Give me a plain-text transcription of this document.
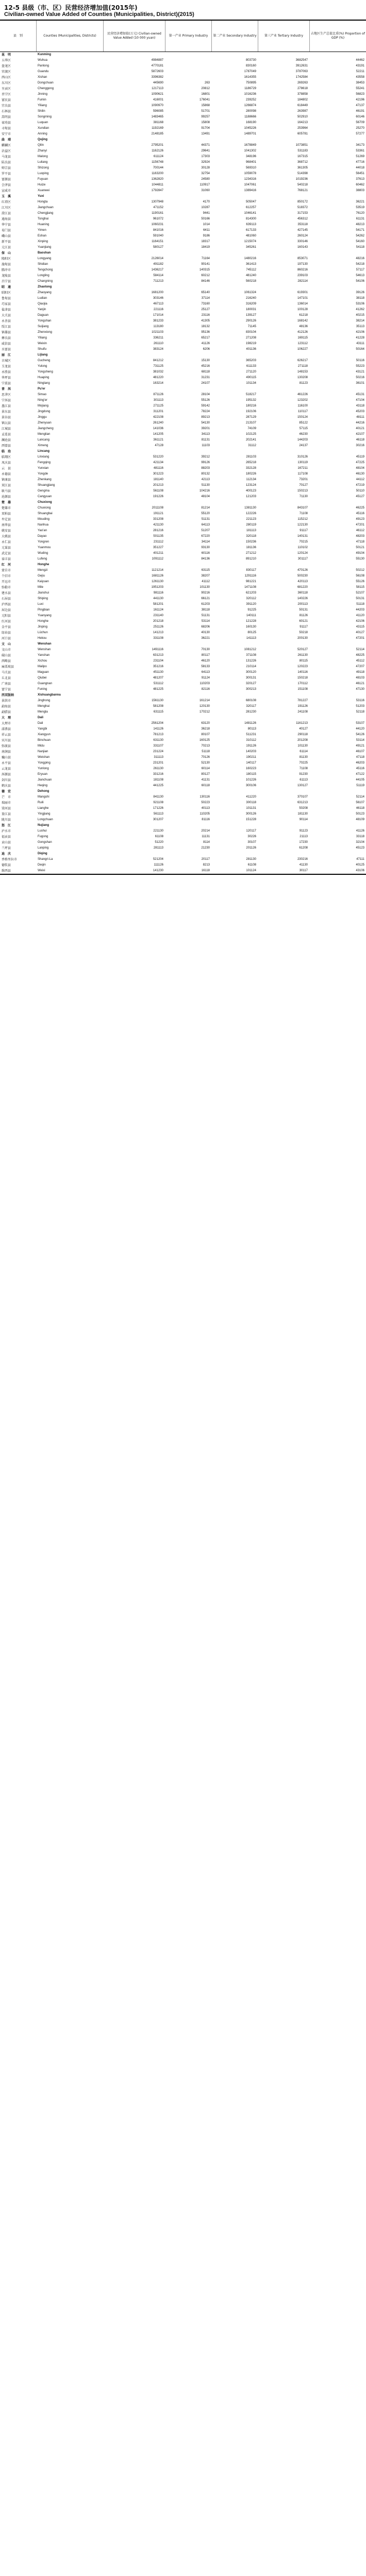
12-5 县级（市、区）民营经济增加值(2015年)
Civilian-owned Value Added of Counties (Municipalities, District)(2015)
县　别	Counties (Municipalities, Districts)
民营经济增加值(万元) Civilian-owned Value Added (10 000 yuan)
第一产业 Primary Industry	第二产业 Secondary Industry	第三产业 Tertiary Industry
占地区生产总值比重(%) Proportion of GDP (%)
昆　明	Kunming
五华区	Wuhua	4984887	803730	3682547	44462
盘龙区	Panlong	4770181	830160	3912631	43191
官渡区	Guandu	5872603	1787049	3787063	52211
西山区	Xishan	3396382	1614355	1742584	43558
东川区	Dongchuan	445690	263	750895	269263	38453
呈贡区	Chenggong	1217113	20812	1186729	278618	55241
晋宁区	Jinning	1090621	16801	1016236	378858	56823
富民县	Fumin	416001	176041	239252	184802	42196
宜良县	Yiliang	1090970	15868	1266874	618449	47137
石林县	Shilin	596085	51701	280098	263987	46191
嵩明县	Songming	1483465	99257	1188666	502910	60146
禄劝县	Luquan	381168	15808	168190	164213	56709
寻甸县	Xundian	1192169	91704	1045226	253964	25270
安宁市	Anning	2148185	13491	1489701	605781	57277
曲　靖	Qujing
麒麟区	Qilin	2795201	44371	1678849	1073851	34173
沾益区	Zhanyi	1162126	29641	1041302	531183	53361
马龙县	Malong	611124	17303	348196	167315	51269
陆良县	Luliang	1156748	32924	968401	368712	47716
师宗县	Shizong	700144	30128	569310	361305	44018
罗平县	Luoping	1163200	32754	1059078	514398	56451
富源县	Fuyuan	1362820	24580	1234316	1019236	37613
会泽县	Huize	1044811	110917	1047061	540218	60462
宣威市	Xuanwei	1792847	31060	1389416	768121	38803
玉　溪	Yuxi
红塔区	Hongta	1307948	4170	505047	850172	36221
江川区	Jiangchuan	471152	10287	612257	518372	53519
澄江县	Chengjiang	1190161	9441	1046141	317153	76120
通海县	Tonghai	961072	50166	814300	456312	61131
华宁县	Huaning	1060231	1014	639113	353118	48213
易门县	Yimen	841016	6411	617133	427145	54171
峨山县	Eshan	591040	9186	481060	260124	54262
新平县	Xinping	1164151	18317	1215074	330146	54160
元江县	Yuanjiang	580127	18419	345261	160143	54118
保　山	Baoshan
隆阳区	Longyang	2126014	71164	1480216	853071	48216
施甸县	Shidian	491182	90141	361413	197130	54218
腾冲市	Tengchong	1436217	140315	745112	860216	57117
龙陵县	Longling	584114	60212	481240	239103	54613
昌宁县	Changning	711213	84146	560218	282114	54106
昭　通	Zhaotong
昭阳区	Zhaoyang	1681200	65140	1061324	619301	39126
鲁甸县	Ludian	303146	37114	216240	147101	38118
巧家县	Qiaojia	467113	73160	316209	136014	53106
盐津县	Yanjin	221116	25127	180031	100128	41262
大关县	Daguan	171014	23116	139127	61218	40215
永善县	Yongshan	381233	41305	290126	168142	38214
绥江县	Suijiang	113180	18132	71145	48136	35113
镇雄县	Zhenxiong	1021103	95136	830104	412126	42106
彝良县	Yiliang	336211	65217	271208	169115	41228
威信县	Weixin	261110	41126	198219	123112	43111
水富县	Shuifu	383124	6206	401136	106227	50164
丽　江	Lijiang
古城区	Gucheng	841212	15130	365203	626217	50116
玉龙县	Yulong	731125	45216	611133	271118	55223
永胜县	Yongsheng	381032	68118	271120	148153	43121
华坪县	Huaping	481220	31231	490115	130208	50216
宁蒗县	Ninglang	163214	24107	101134	81123	36101
普　洱	Pu'er
思茅区	Simao	871126	28104	518217	461226	45131
宁洱县	Ning'er	301113	55126	195132	123202	47104
墨江县	Mojiang	271125	59142	180216	116100	43118
景东县	Jingdong	311201	78224	192106	110117	45203
景谷县	Jinggu	422108	89213	287129	150124	48111
镇沅县	Zhenyuan	261240	54130	213107	85122	44216
江城县	Jiangcheng	141036	39201	74109	57115	40121
孟连县	Menglian	141205	34113	102125	46230	42107
澜沧县	Lancang	361121	81131	202141	144203	46118
西盟县	Ximeng	47128	11103	31112	24137	30216
临　沧	Lincang
临翔区	Linxiang	531220	39212	281103	310126	45119
凤庆县	Fengqing	421134	99126	265218	130119	47225
云　县	Yunxian	481116	88203	332128	167211	48104
永德县	Yongde	301223	80132	180226	117108	46130
镇康县	Zhenkang	181140	42113	112134	73201	44112
双江县	Shuangjiang	201213	51130	123124	70127	47219
耿马县	Gengma	561108	104216	400123	150213	50110
沧源县	Cangyuan	191226	48104	121203	71130	45127
楚　雄	Chuxiong
楚雄市	Chuxiong	2011108	81214	1381130	843107	46225
双柏县	Shuangbai	191121	55120	122226	71108	45116
牟定县	Mouding	331208	51131	221123	115212	49123
南华县	Nanhua	421130	64113	280119	122130	47201
姚安县	Yao'an	281216	51207	181113	91117	46112
大姚县	Dayao	501135	67220	320118	140131	48203
永仁县	Yongren	231112	34114	150236	70215	47118
元谋县	Yuanmou	351227	93130	181136	110102	50121
武定县	Wuding	401211	60116	271212	120124	49104
禄丰县	Lufeng	1091112	84136	891210	301117	55130
红　河	Honghe
蒙自市	Mengzi	1121214	63115	830117	470126	50212
个旧市	Gejiu	1681126	38207	1291116	500230	56108
开远市	Kaiyuan	1261130	41112	981221	420113	55126
弥勒市	Mile	1951203	101130	1471108	681220	58115
建水县	Jianshui	981116	90216	621203	360118	52107
石屏县	Shiping	441130	66121	320112	140226	50131
泸西县	Luxi	581201	61203	391120	200113	51118
屏边县	Pingbian	161124	38118	91225	50131	44203
元阳县	Yuanyang	231140	51131	140111	81126	41120
红河县	Honghe	201218	53114	121228	60121	42106
金平县	Jinping	251126	68206	160130	91117	43115
绿春县	Lüchun	141213	40130	80125	50218	40127
河口县	Hekou	331108	36221	141113	200130	47201
文　山	Wenshan
文山市	Wenshan	1491116	70130	1081212	520127	52114
砚山县	Yanshan	631213	80117	371108	261130	48225
西畴县	Xichou	231104	46120	131226	80115	45112
麻栗坡县	Malipo	351216	58133	210114	120223	47207
马关县	Maguan	451130	64113	300120	140116	49118
丘北县	Qiubei	481207	91124	300131	150218	48103
广南县	Guangnan	531112	110203	320127	170112	46121
富宁县	Funing	481225	82116	300213	151108	47130
西双版纳	Xishuangbanna
景洪市	Jinghong	1561130	161214	680108	781227	53116
勐海县	Menghai	581208	120130	320117	191126	51203
勐腊县	Mengla	631115	170212	281230	241108	52118
大　理	Dali
大理市	Dali	2561204	63120	1481126	1161213	53107
漾濞县	Yangbi	141126	36218	80113	40127	44120
祥云县	Xiangyun	781213	80107	511231	290118	54126
宾川县	Binchuan	631130	160125	310112	201208	53114
弥渡县	Midu	331107	70213	191126	101130	49121
南涧县	Nanjian	231224	51118	140203	61114	46107
巍山县	Weishan	311113	70126	190211	81130	47118
永平县	Yongping	231201	52130	140117	70225	46203
云龙县	Yunlong	261130	60114	160223	71108	45116
洱源县	Eryuan	331216	80127	180115	91230	47122
剑川县	Jianchuan	181108	41131	101226	61113	44105
鹤庆县	Heqing	441225	60118	300106	130127	51119
德　宏	Dehong
芒　市	Mangshi	841130	130116	411220	370107	52114
瑞丽市	Ruili	921108	50223	300118	631213	56107
梁河县	Lianghe	171226	40113	101131	50208	46118
盈江县	Yingjiang	561113	110205	300126	181130	50123
陇川县	Longchuan	301207	81116	151228	90114	48109
怒　江	Nujiang
泸水市	Lushui	221130	20214	120117	91123	41126
福贡县	Fugong	61108	11131	30226	21113	33118
贡山县	Gongshan	51220	8114	30107	17230	32104
兰坪县	Lanping	281113	21230	201126	61208	45123
迪　庆	Diqing
香格里拉市	Shangri-La	521204	20117	281130	230216	47111
德钦县	Deqin	111126	8213	61108	41130	40125
维西县	Weixi	141230	16118	101124	30117	43106
